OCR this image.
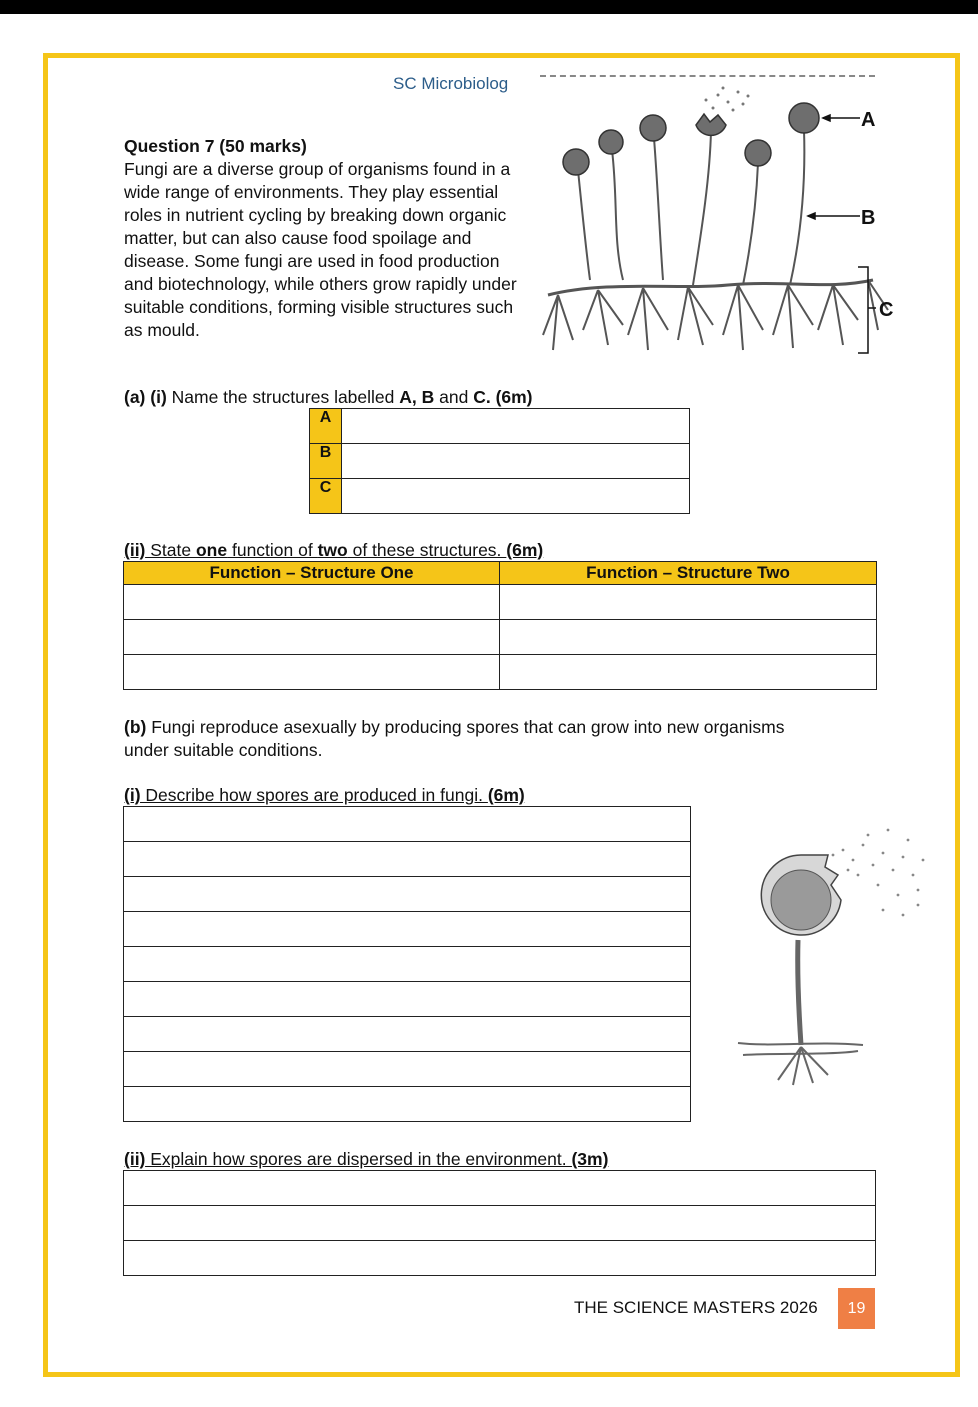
SC Microbiolog
Question 7 (50 marks)
Fungi are a diverse group of organisms found in a wide range of environments. They play essential roles in nutrient cycling by breaking down organic matter, but can also cause food spoilage and disease. Some fungi are used in food production and biotechnology, while others grow rapidly under suitable conditions, forming visible structures such as mould.
A
B
C
(a) (i) Name the structures labelled A, B and C. (6m)
A	
B	
C	
(ii) State one function of two of these structures. (6m)
Function – Structure One	Function – Structure Two

(b) Fungi reproduce asexually by producing spores that can grow into new organisms under suitable conditions.
(i) Describe how spores are produced in fungi. (6m)

(ii) Explain how spores are dispersed in the environment. (3m)

THE SCIENCE MASTERS 2026	19
